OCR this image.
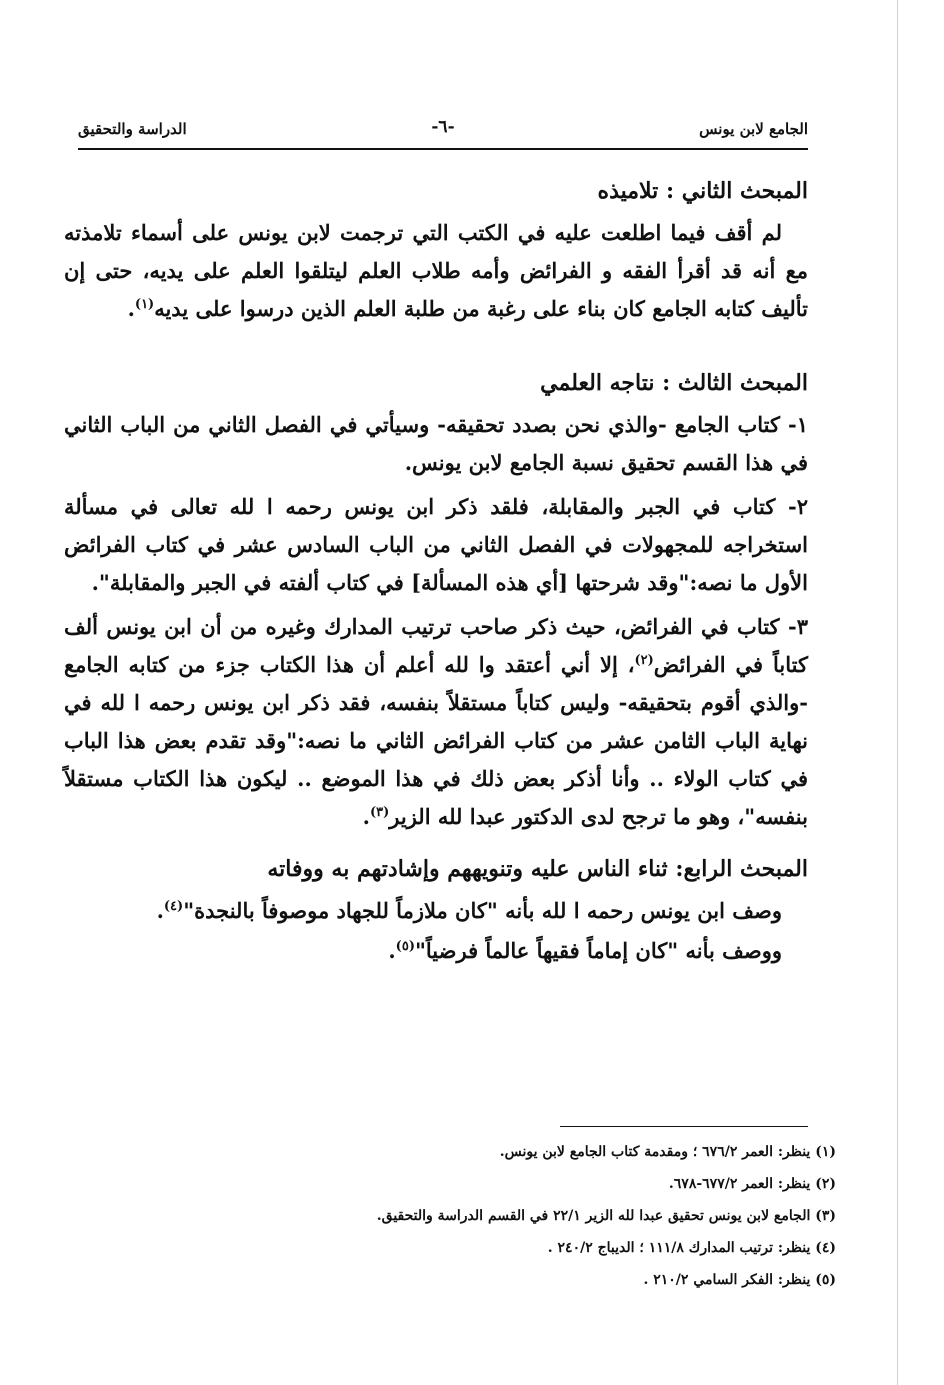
الجامع لابن يونس
-٦-
الدراسة والتحقيق
المبحث الثاني : تلاميذه

لم أقف فيما اطلعت عليه في الكتب التي ترجمت لابن يونس على أسماء تلامذته مع أنه قد أقرأ الفقه و الفرائض وأمه طلاب العلم ليتلقوا العلم على يديه، حتى إن تأليف كتابه الجامع كان بناء على رغبة من طلبة العلم الذين درسوا على يديه$^{(١)}$.

المبحث الثالث : نتاجه العلمي

١- كتاب الجامع -والذي نحن بصدد تحقيقه- وسيأتي في الفصل الثاني من الباب الثاني في هذا القسم تحقيق نسبة الجامع لابن يونس.

٢- كتاب في الجبر والمقابلة، فلقد ذكر ابن يونس رحمه ا لله تعالى في مسألة استخراجه للمجهولات في الفصل الثاني من الباب السادس عشر في كتاب الفرائض الأول ما نصه:"وقد شرحتها [أي هذه المسألة] في كتاب ألفته في الجبر والمقابلة".

٣- كتاب في الفرائض، حيث ذكر صاحب ترتيب المدارك وغيره من أن ابن يونس ألف كتاباً في الفرائض$^{(٢)}$، إلا أني أعتقد وا لله أعلم أن هذا الكتاب جزء من كتابه الجامع -والذي أقوم بتحقيقه- وليس كتاباً مستقلاً بنفسه، فقد ذكر ابن يونس رحمه ا لله في نهاية الباب الثامن عشر من كتاب الفرائض الثاني ما نصه:"وقد تقدم بعض هذا الباب في كتاب الولاء .. وأنا أذكر بعض ذلك في هذا الموضع .. ليكون هذا الكتاب مستقلاً بنفسه"، وهو ما ترجح لدى الدكتور عبدا لله الزير$^{(٣)}$.

المبحث الرابع: ثناء الناس عليه وتنويههم وإشادتهم به ووفاته

وصف ابن يونس رحمه ا لله بأنه "كان ملازماً للجهاد موصوفاً بالنجدة"$^{(٤)}$.

ووصف بأنه "كان إماماً فقيهاً عالماً فرضياً"$^{(٥)}$.

(١) ينظر: العمر ٦٧٦/٢ ؛ ومقدمة كتاب الجامع لابن يونس.
(٢) ينظر: العمر ٦٧٧/٢-٦٧٨.
(٣) الجامع لابن يونس تحقيق عبدا لله الزير ٢٢/١ في القسم الدراسة والتحقيق.
(٤) ينظر: ترتيب المدارك ١١١/٨ ؛ الديباج ٢٤٠/٢ .
(٥) ينظر: الفكر السامي ٢١٠/٢ .
